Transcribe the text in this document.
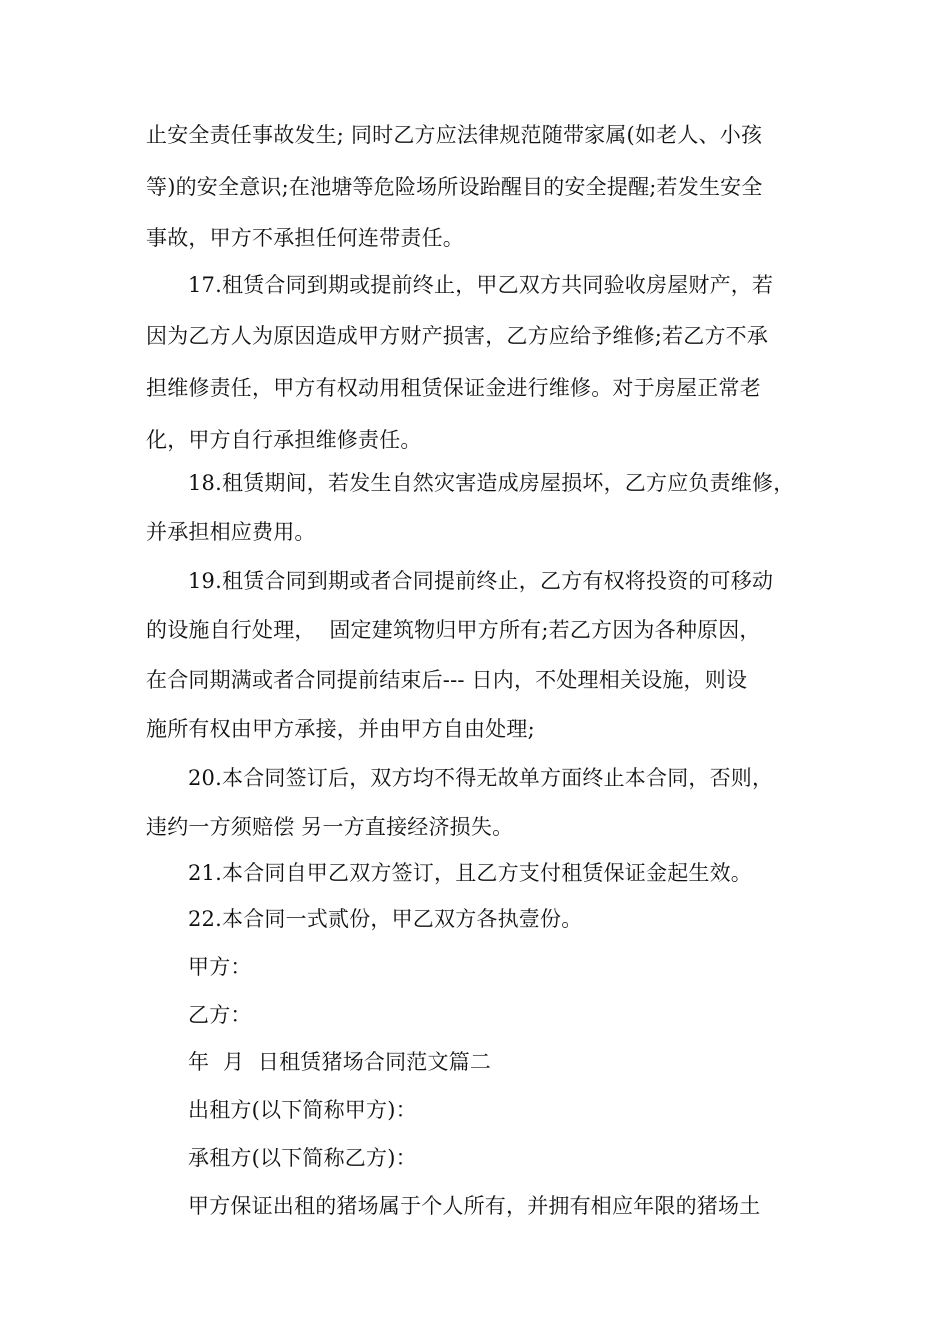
止安全责任事故发生; 同时乙方应法律规范随带家属(如老人、小孩
等)的安全意识;在池塘等危险场所设跆醒目的安全提醒;若发生安全
事故，甲方不承担任何连带责任。
17.租赁合同到期或提前终止，甲乙双方共同验收房屋财产，若
因为乙方人为原因造成甲方财产损害，乙方应给予维修;若乙方不承
担维修责任，甲方有权动用租赁保证金进行维修。对于房屋正常老
化，甲方自行承担维修责任。
18.租赁期间，若发生自然灾害造成房屋损坏，乙方应负责维修，
并承担相应费用。
19.租赁合同到期或者合同提前终止，乙方有权将投资的可移动
的设施自行处理，  固定建筑物归甲方所有;若乙方因为各种原因，
在合同期满或者合同提前结束后--- 日内，不处理相关设施，则设
施所有权由甲方承接，并由甲方自由处理;
20.本合同签订后，双方均不得无故单方面终止本合同，否则，
违约一方须赔偿 另一方直接经济损失。
21.本合同自甲乙双方签订，且乙方支付租赁保证金起生效。
22.本合同一式贰份，甲乙双方各执壹份。
甲方：
乙方：
年  月  日租赁猪场合同范文篇二
出租方(以下简称甲方)：
承租方(以下简称乙方)：
甲方保证出租的猪场属于个人所有，并拥有相应年限的猪场土
